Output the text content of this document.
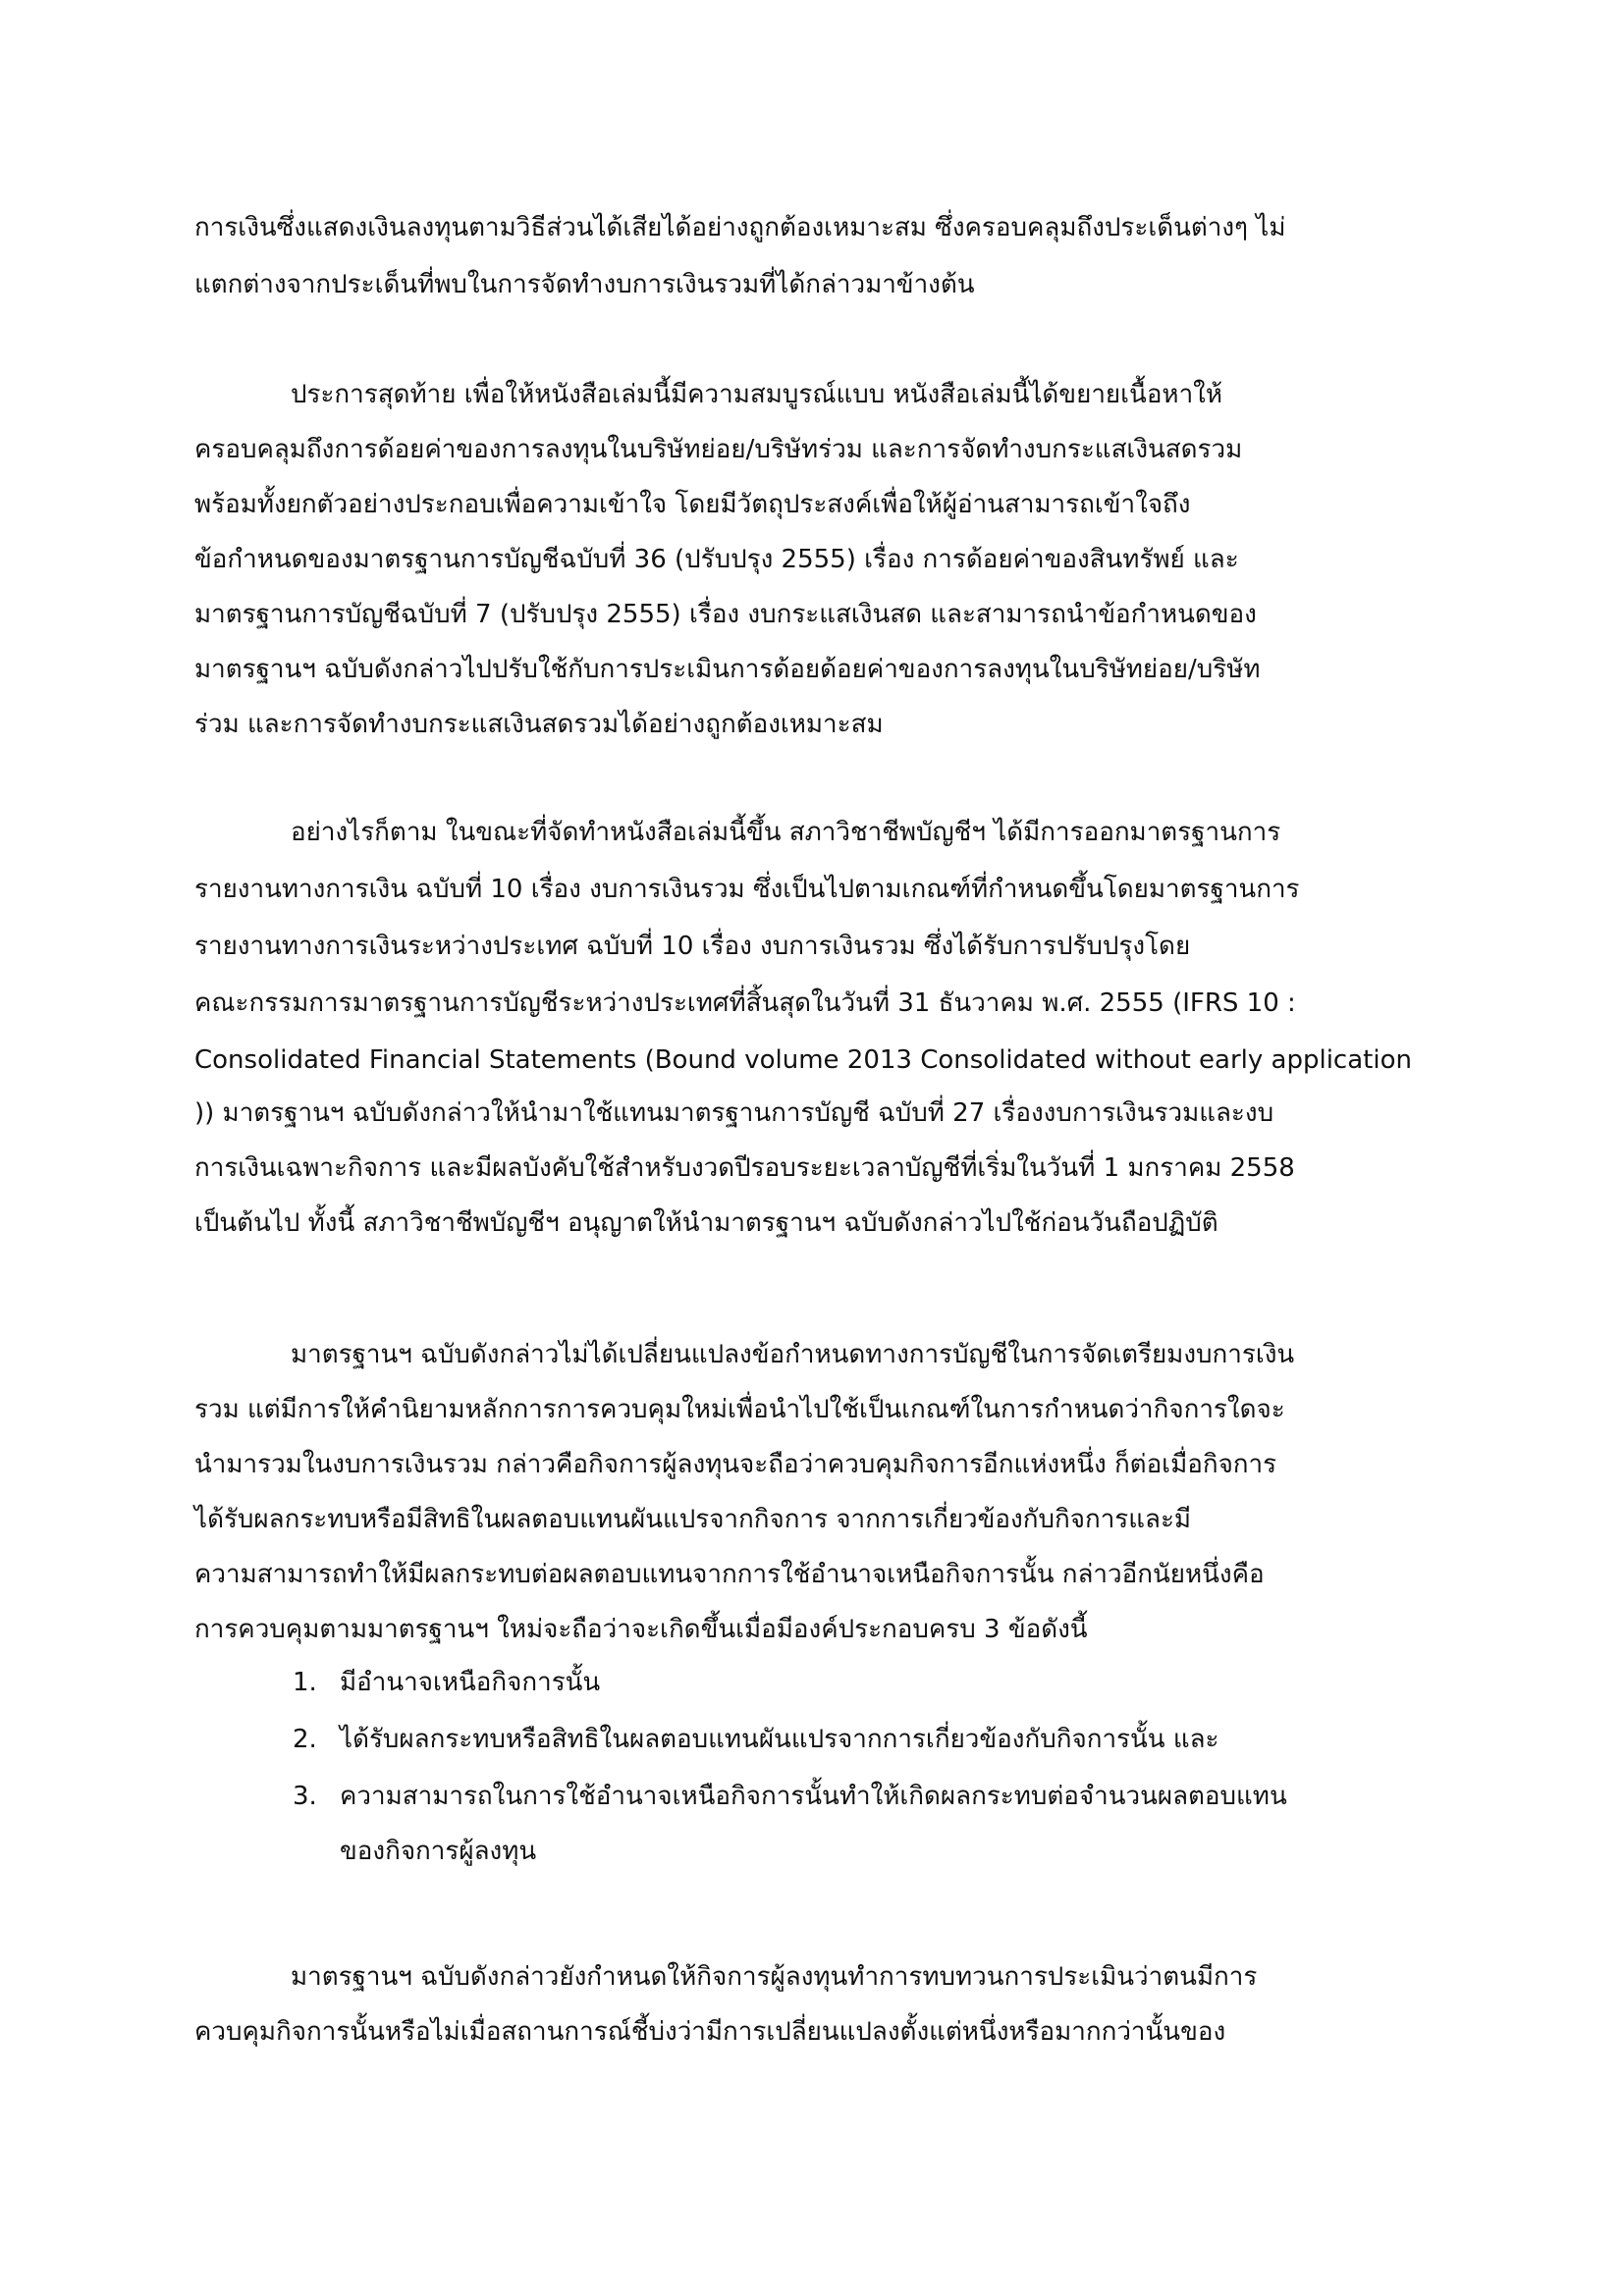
การเงินซึ่งแสดงเงินลงทุนตามวิธีส่วนได้เสียได้อย่างถูกต้องเหมาะสม ซึ่งครอบคลุมถึงประเด็นต่างๆ ไม่
แตกต่างจากประเด็นที่พบในการจัดทำงบการเงินรวมที่ได้กล่าวมาข้างต้น
ประการสุดท้าย เพื่อให้หนังสือเล่มนี้มีความสมบูรณ์แบบ หนังสือเล่มนี้ได้ขยายเนื้อหาให้
ครอบคลุมถึงการด้อยค่าของการลงทุนในบริษัทย่อย/บริษัทร่วม และการจัดทำงบกระแสเงินสดรวม
พร้อมทั้งยกตัวอย่างประกอบเพื่อความเข้าใจ โดยมีวัตถุประสงค์เพื่อให้ผู้อ่านสามารถเข้าใจถึง
ข้อกำหนดของมาตรฐานการบัญชีฉบับที่ 36 (ปรับปรุง 2555) เรื่อง การด้อยค่าของสินทรัพย์ และ
มาตรฐานการบัญชีฉบับที่ 7 (ปรับปรุง 2555) เรื่อง งบกระแสเงินสด และสามารถนำข้อกำหนดของ
มาตรฐานฯ ฉบับดังกล่าวไปปรับใช้กับการประเมินการด้อยด้อยค่าของการลงทุนในบริษัทย่อย/บริษัท
ร่วม และการจัดทำงบกระแสเงินสดรวมได้อย่างถูกต้องเหมาะสม
อย่างไรก็ตาม ในขณะที่จัดทำหนังสือเล่มนี้ขึ้น สภาวิชาชีพบัญชีฯ ได้มีการออกมาตรฐานการ
รายงานทางการเงิน ฉบับที่ 10 เรื่อง งบการเงินรวม ซึ่งเป็นไปตามเกณฑ์ที่กำหนดขึ้นโดยมาตรฐานการ
รายงานทางการเงินระหว่างประเทศ ฉบับที่ 10 เรื่อง งบการเงินรวม ซึ่งได้รับการปรับปรุงโดย
คณะกรรมการมาตรฐานการบัญชีระหว่างประเทศที่สิ้นสุดในวันที่ 31 ธันวาคม พ.ศ. 2555 (IFRS 10 :
Consolidated Financial Statements (Bound volume 2013 Consolidated without early application
)) มาตรฐานฯ ฉบับดังกล่าวให้นำมาใช้แทนมาตรฐานการบัญชี ฉบับที่ 27 เรื่องงบการเงินรวมและงบ
การเงินเฉพาะกิจการ และมีผลบังคับใช้สำหรับงวดปีรอบระยะเวลาบัญชีที่เริ่มในวันที่ 1 มกราคม 2558
เป็นต้นไป ทั้งนี้ สภาวิชาชีพบัญชีฯ อนุญาตให้นำมาตรฐานฯ ฉบับดังกล่าวไปใช้ก่อนวันถือปฏิบัติ
มาตรฐานฯ ฉบับดังกล่าวไม่ได้เปลี่ยนแปลงข้อกำหนดทางการบัญชีในการจัดเตรียมงบการเงิน
รวม แต่มีการให้คำนิยามหลักการการควบคุมใหม่เพื่อนำไปใช้เป็นเกณฑ์ในการกำหนดว่ากิจการใดจะ
นำมารวมในงบการเงินรวม กล่าวคือกิจการผู้ลงทุนจะถือว่าควบคุมกิจการอีกแห่งหนึ่ง ก็ต่อเมื่อกิจการ
ได้รับผลกระทบหรือมีสิทธิในผลตอบแทนผันแปรจากกิจการ จากการเกี่ยวข้องกับกิจการและมี
ความสามารถทำให้มีผลกระทบต่อผลตอบแทนจากการใช้อำนาจเหนือกิจการนั้น กล่าวอีกนัยหนึ่งคือ
การควบคุมตามมาตรฐานฯ ใหม่จะถือว่าจะเกิดขึ้นเมื่อมีองค์ประกอบครบ 3 ข้อดังนี้
1. มีอำนาจเหนือกิจการนั้น
2. ได้รับผลกระทบหรือสิทธิในผลตอบแทนผันแปรจากการเกี่ยวข้องกับกิจการนั้น และ
3. ความสามารถในการใช้อำนาจเหนือกิจการนั้นทำให้เกิดผลกระทบต่อจำนวนผลตอบแทน
ของกิจการผู้ลงทุน
มาตรฐานฯ ฉบับดังกล่าวยังกำหนดให้กิจการผู้ลงทุนทำการทบทวนการประเมินว่าตนมีการ
ควบคุมกิจการนั้นหรือไม่เมื่อสถานการณ์ชี้บ่งว่ามีการเปลี่ยนแปลงตั้งแต่หนึ่งหรือมากกว่านั้นของ
